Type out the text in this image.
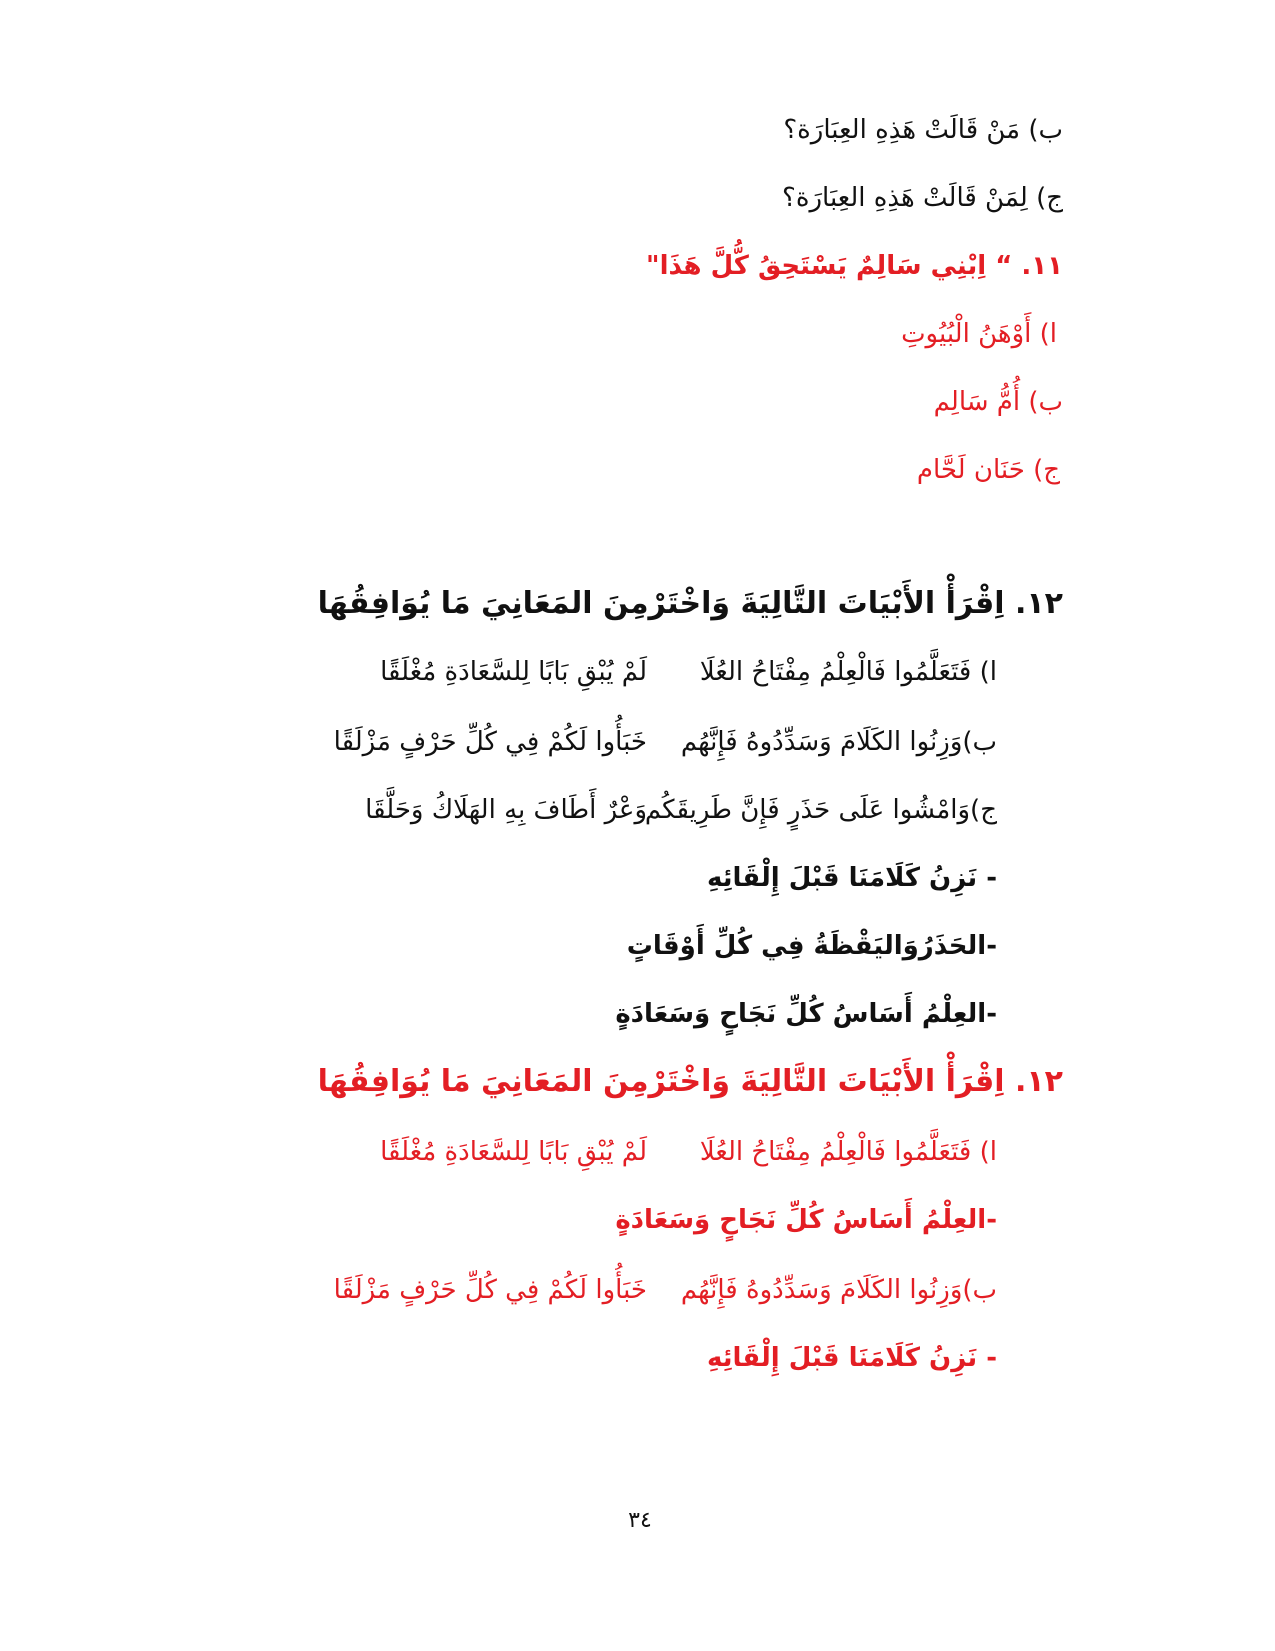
ب) مَنْ قَالَتْ هَذِهِ العِبَارَة؟
ج) لِمَنْ قَالَتْ هَذِهِ العِبَارَة؟
١١. “ اِبْنِي سَالِمٌ يَسْتَحِقُ كُّلَّ هَذَا"
ا) أَوْهَنُ الْبُيُوتِ
ب) أُمُّ سَالِم
ج) حَنَان لَحَّام
١٢. اِقْرَأْ الأَبْيَاتَ التَّالِيَةَ وَاخْتَرْمِنَ المَعَانِيَ مَا يُوَافِقُهَا
ا) فَتَعَلَّمُوا فَالْعِلْمُ مِفْتَاحُ العُلَا
لَمْ يُبْقِ بَابًا لِلسَّعَادَةِ مُغْلَقًا
ب)وَزِنُوا الكَلَامَ وَسَدِّدُوهُ فَإِنَّهُم
خَبَأُوا لَكُمْ فِي كُلِّ حَرْفٍ مَزْلَقًا
ج)وَامْشُوا عَلَى حَذَرٍ فَإِنَّ طَرِيقَكُم
وَعْرٌ أَطَافَ بِهِ الهَلَاكُ وَحَلَّقَا
- نَزِنُ كَلَامَنَا قَبْلَ إِلْقَائِهِ
-الحَذَرُوَاليَقْظَةُ فِي كُلِّ أَوْقَاتٍ
-العِلْمُ أَسَاسُ كُلِّ نَجَاحٍ وَسَعَادَةٍ
١٢. اِقْرَأْ الأَبْيَاتَ التَّالِيَةَ وَاخْتَرْمِنَ المَعَانِيَ مَا يُوَافِقُهَا
ا) فَتَعَلَّمُوا فَالْعِلْمُ مِفْتَاحُ العُلَا
لَمْ يُبْقِ بَابًا لِلسَّعَادَةِ مُغْلَقًا
-العِلْمُ أَسَاسُ كُلِّ نَجَاحٍ وَسَعَادَةٍ
ب)وَزِنُوا الكَلَامَ وَسَدِّدُوهُ فَإِنَّهُم
خَبَأُوا لَكُمْ فِي كُلِّ حَرْفٍ مَزْلَقًا
- نَزِنُ كَلَامَنَا قَبْلَ إِلْقَائِهِ
٣٤
